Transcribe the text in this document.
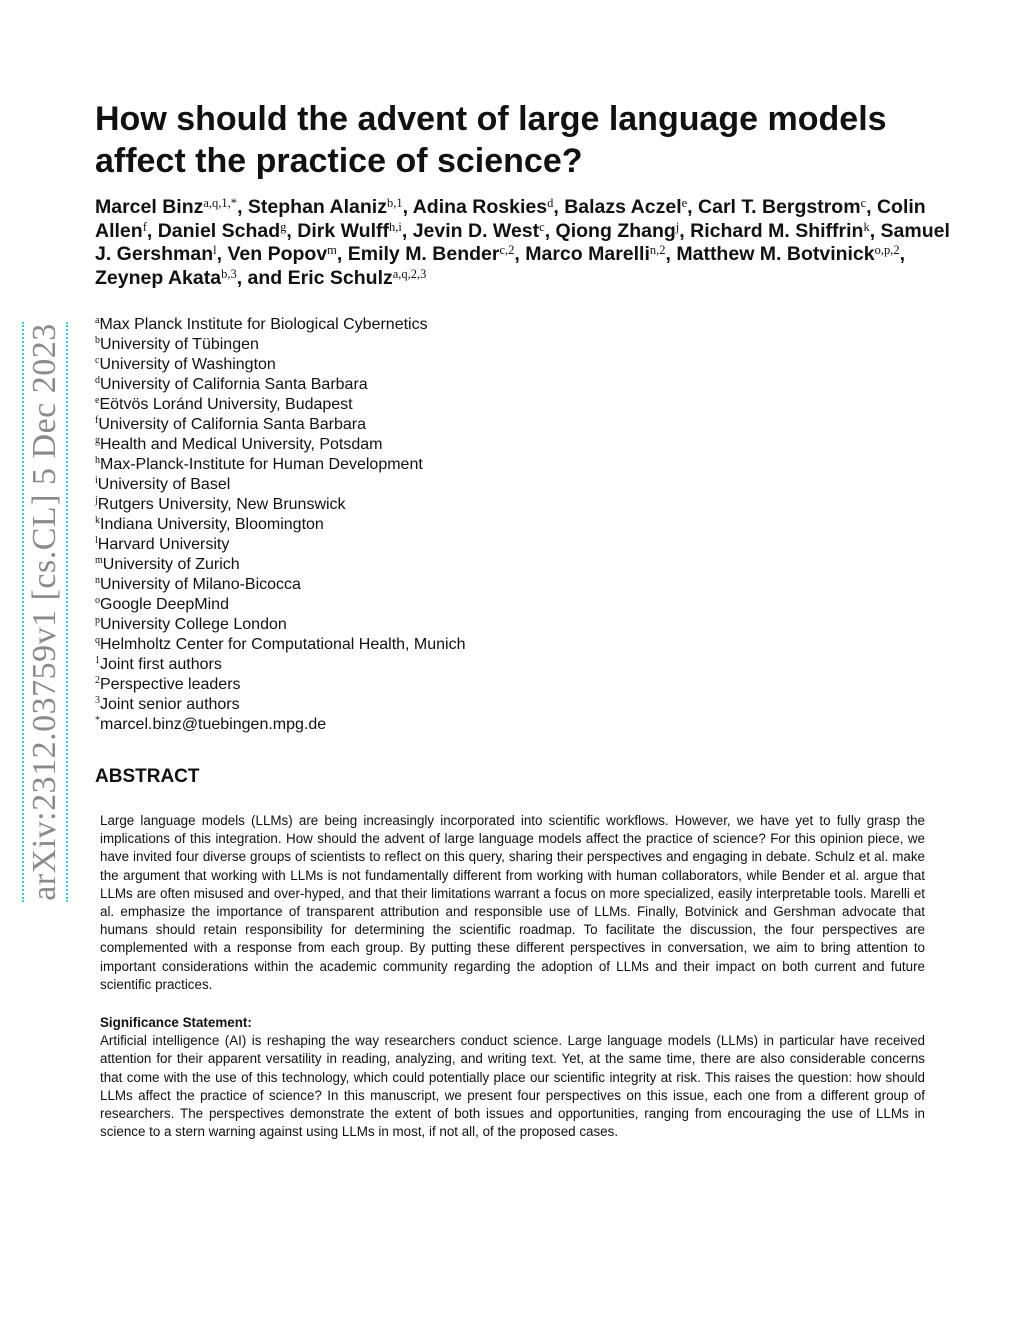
arXiv:2312.03759v1 [cs.CL] 5 Dec 2023
How should the advent of large language models affect the practice of science?

Marcel Binz$^{a,q,1,*}$, Stephan Alaniz$^{b,1}$, Adina Roskies$^d$, Balazs Aczel$^e$, Carl T. Bergstrom$^c$, Colin Allen$^f$, Daniel Schad$^g$, Dirk Wulff$^{h,i}$, Jevin D. West$^c$, Qiong Zhang$^j$, Richard M. Shiffrin$^k$, Samuel J. Gershman$^l$, Ven Popov$^m$, Emily M. Bender$^{c,2}$, Marco Marelli$^{n,2}$, Matthew M. Botvinick$^{o,p,2}$, Zeynep Akata$^{b,3}$, and Eric Schulz$^{a,q,2,3}$

$^a$Max Planck Institute for Biological Cybernetics
$^b$University of Tübingen
$^c$University of Washington
$^d$University of California Santa Barbara
$^e$Eötvös Loránd University, Budapest
$^f$University of California Santa Barbara
$^g$Health and Medical University, Potsdam
$^h$Max-Planck-Institute for Human Development
$^i$University of Basel
$^j$Rutgers University, New Brunswick
$^k$Indiana University, Bloomington
$^l$Harvard University
$^m$University of Zurich
$^n$University of Milano-Bicocca
$^o$Google DeepMind
$^p$University College London
$^q$Helmholtz Center for Computational Health, Munich
$^1$Joint first authors
$^2$Perspective leaders
$^3$Joint senior authors
*marcel.binz@tuebingen.mpg.de
ABSTRACT

Large language models (LLMs) are being increasingly incorporated into scientific workflows. However, we have yet to fully grasp the implications of this integration. How should the advent of large language models affect the practice of science? For this opinion piece, we have invited four diverse groups of scientists to reflect on this query, sharing their perspectives and engaging in debate. Schulz et al. make the argument that working with LLMs is not fundamentally different from working with human collaborators, while Bender et al. argue that LLMs are often misused and over-hyped, and that their limitations warrant a focus on more specialized, easily interpretable tools. Marelli et al. emphasize the importance of transparent attribution and responsible use of LLMs. Finally, Botvinick and Gershman advocate that humans should retain responsibility for determining the scientific roadmap. To facilitate the discussion, the four perspectives are complemented with a response from each group. By putting these different perspectives in conversation, we aim to bring attention to important considerations within the academic community regarding the adoption of LLMs and their impact on both current and future scientific practices.

Significance Statement:

Artificial intelligence (AI) is reshaping the way researchers conduct science. Large language models (LLMs) in particular have received attention for their apparent versatility in reading, analyzing, and writing text. Yet, at the same time, there are also considerable concerns that come with the use of this technology, which could potentially place our scientific integrity at risk. This raises the question: how should LLMs affect the practice of science? In this manuscript, we present four perspectives on this issue, each one from a different group of researchers. The perspectives demonstrate the extent of both issues and opportunities, ranging from encouraging the use of LLMs in science to a stern warning against using LLMs in most, if not all, of the proposed cases.
